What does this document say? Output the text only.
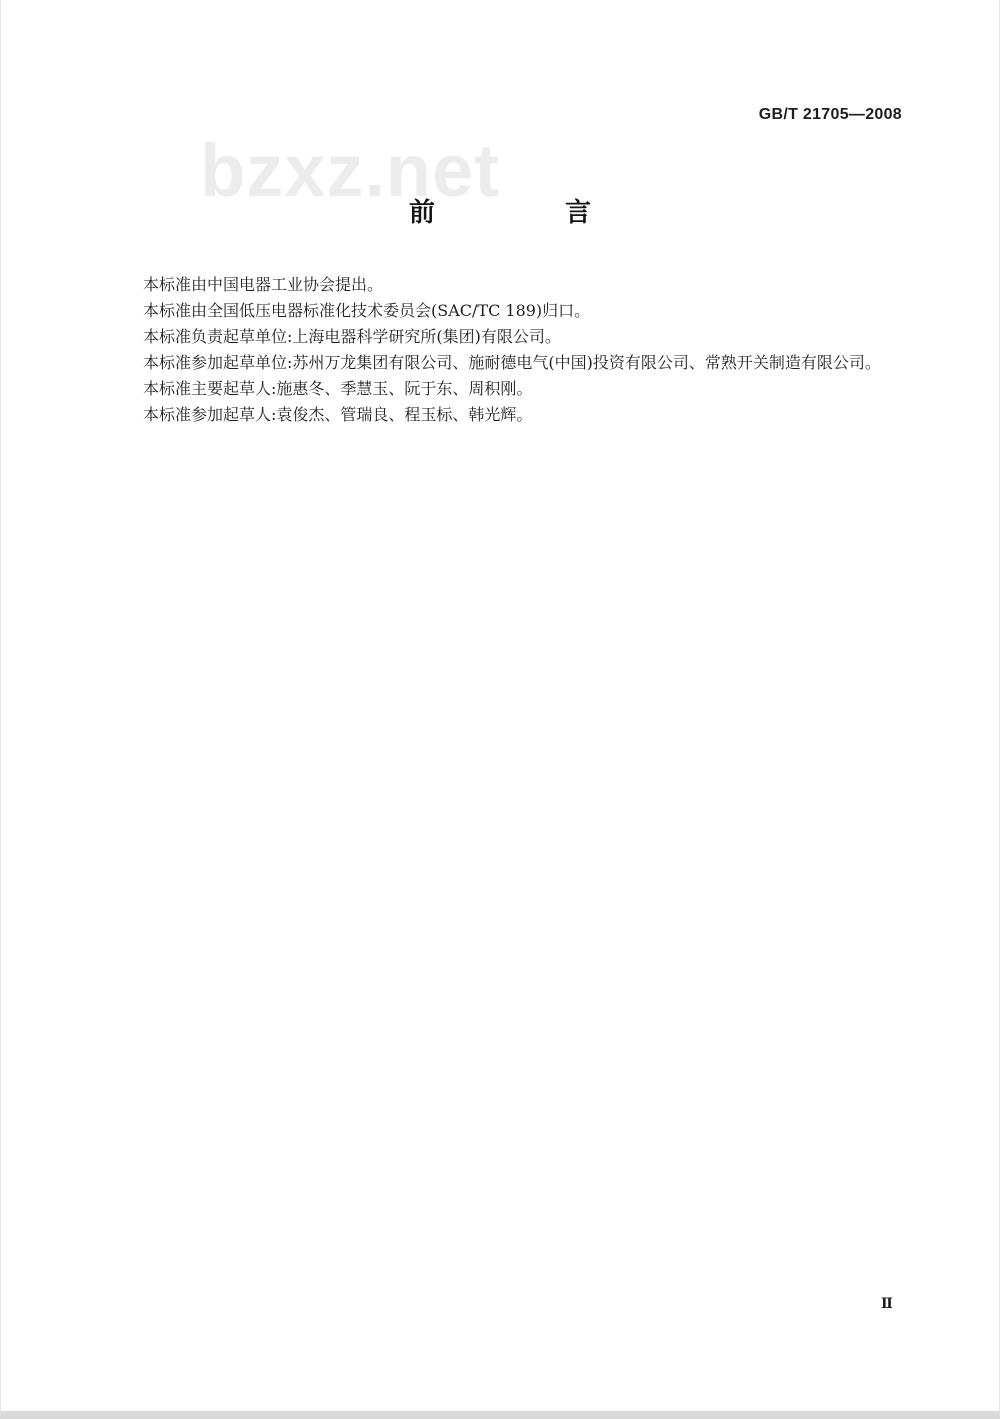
GB/T 21705—2008
bzxz.net
前　言

本标准由中国电器工业协会提出。

本标准由全国低压电器标准化技术委员会(SAC/TC 189)归口。

本标准负责起草单位:上海电器科学研究所(集团)有限公司。

本标准参加起草单位:苏州万龙集团有限公司、施耐德电气(中国)投资有限公司、常熟开关制造有限公司。

本标准主要起草人:施惠冬、季慧玉、阮于东、周积刚。

本标准参加起草人:袁俊杰、管瑞良、程玉标、韩光辉。

Ⅱ
